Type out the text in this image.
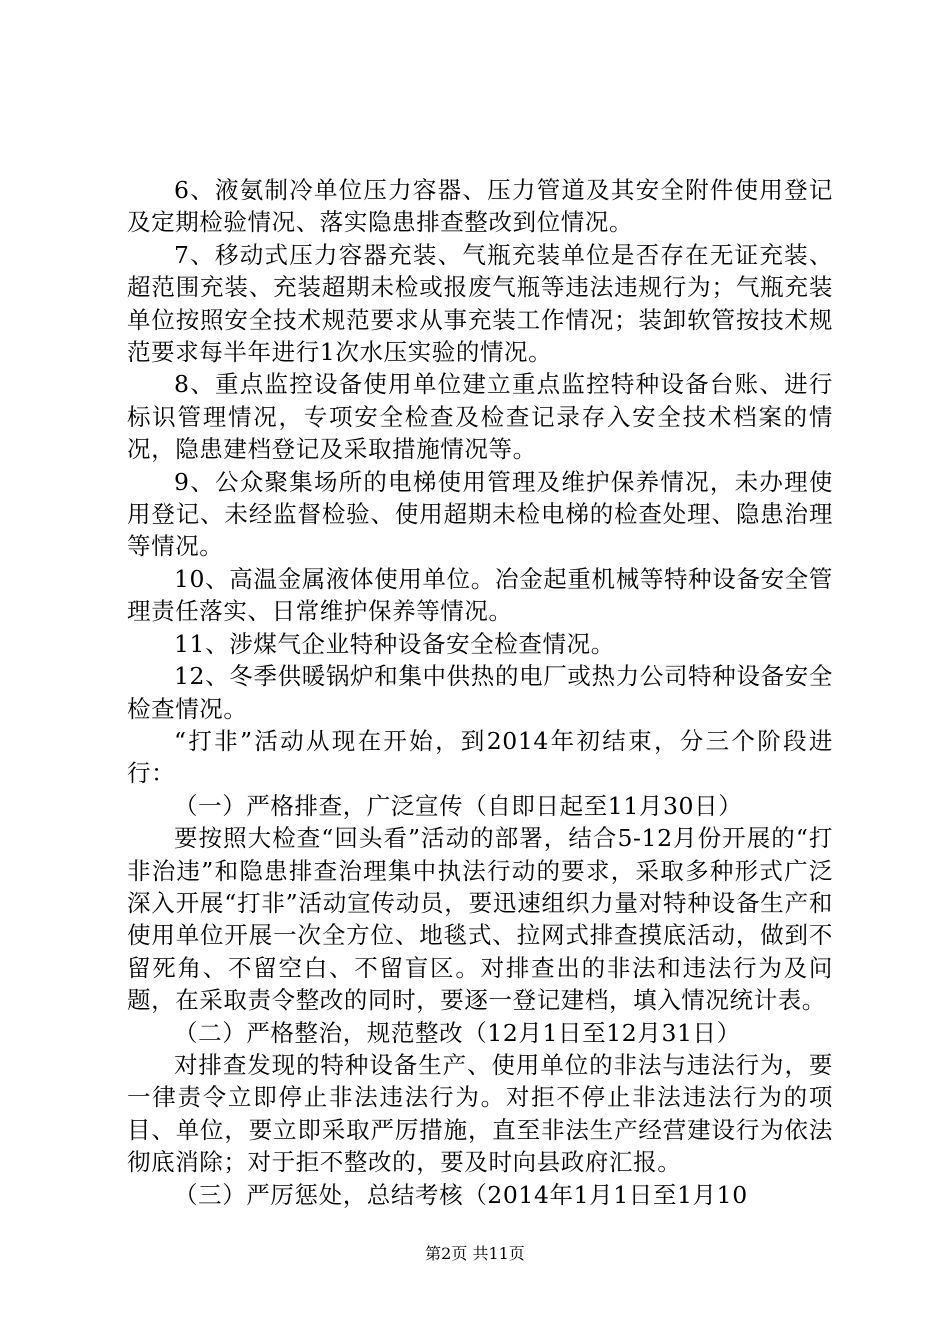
6、液氨制冷单位压力容器、压力管道及其安全附件使用登记及定期检验情况、落实隐患排查整改到位情况。

7、移动式压力容器充装、气瓶充装单位是否存在无证充装、超范围充装、充装超期未检或报废气瓶等违法违规行为；气瓶充装单位按照安全技术规范要求从事充装工作情况；装卸软管按技术规范要求每半年进行1次水压实验的情况。

8、重点监控设备使用单位建立重点监控特种设备台账、进行标识管理情况，专项安全检查及检查记录存入安全技术档案的情况，隐患建档登记及采取措施情况等。

9、公众聚集场所的电梯使用管理及维护保养情况，未办理使用登记、未经监督检验、使用超期未检电梯的检查处理、隐患治理等情况。

10、高温金属液体使用单位。冶金起重机械等特种设备安全管理责任落实、日常维护保养等情况。

11、涉煤气企业特种设备安全检查情况。

12、冬季供暖锅炉和集中供热的电厂或热力公司特种设备安全检查情况。

“打非”活动从现在开始，到2014年初结束，分三个阶段进行：

（一）严格排查，广泛宣传（自即日起至11月30日）

要按照大检查“回头看”活动的部署，结合5-12月份开展的“打非治违”和隐患排查治理集中执法行动的要求，采取多种形式广泛深入开展“打非”活动宣传动员，要迅速组织力量对特种设备生产和使用单位开展一次全方位、地毯式、拉网式排查摸底活动，做到不留死角、不留空白、不留盲区。对排查出的非法和违法行为及问题，在采取责令整改的同时，要逐一登记建档，填入情况统计表。

（二）严格整治，规范整改（12月1日至12月31日）

对排查发现的特种设备生产、使用单位的非法与违法行为，要一律责令立即停止非法违法行为。对拒不停止非法违法行为的项目、单位，要立即采取严厉措施，直至非法生产经营建设行为依法彻底消除；对于拒不整改的，要及时向县政府汇报。

（三）严厉惩处，总结考核（2014年1月1日至1月10

第2页 共11页
